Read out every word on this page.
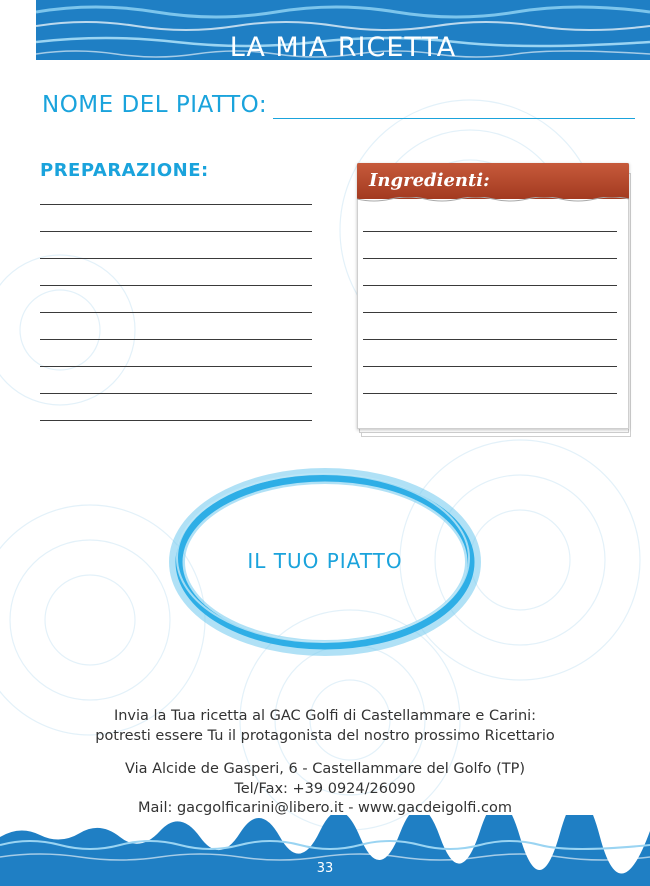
LA MIA RICETTA
NOME DEL PIATTO:
PREPARAZIONE:	Ingredienti:
IL TUO PIATTO
Invia la Tua ricetta al GAC Golfi di Castellammare e Carini:
potresti essere Tu il protagonista del nostro prossimo Ricettario
Via Alcide de Gasperi, 6 - Castellammare del Golfo (TP)
Tel/Fax: +39 0924/26090
Mail: gacgolficarini@libero.it - www.gacdeigolfi.com
33
